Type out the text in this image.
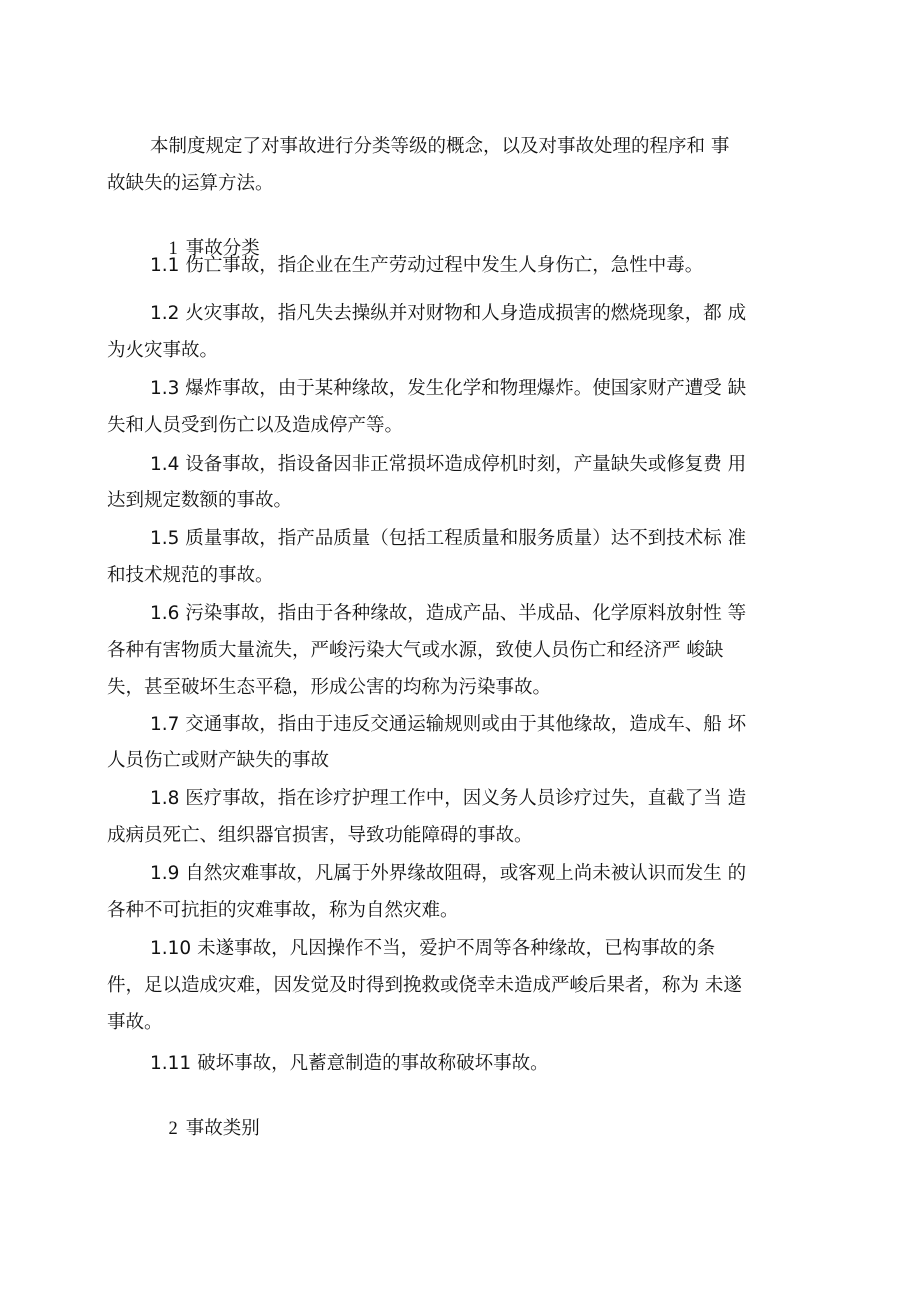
本制度规定了对事故进行分类等级的概念，以及对事故处理的程序和 事
故缺失的运算方法。

1 事故分类

1.1 伤亡事故，指企业在生产劳动过程中发生人身伤亡，急性中毒。
1.2 火灾事故，指凡失去操纵并对财物和人身造成损害的燃烧现象，都 成
为火灾事故。
1.3 爆炸事故，由于某种缘故，发生化学和物理爆炸。使国家财产遭受 缺
失和人员受到伤亡以及造成停产等。
1.4 设备事故，指设备因非正常损坏造成停机时刻，产量缺失或修复费 用
达到规定数额的事故。
1.5 质量事故，指产品质量（包括工程质量和服务质量）达不到技术标 准
和技术规范的事故。
1.6 污染事故，指由于各种缘故，造成产品、半成品、化学原料放射性 等
各种有害物质大量流失，严峻污染大气或水源，致使人员伤亡和经济严 峻缺
失，甚至破坏生态平稳，形成公害的均称为污染事故。
1.7 交通事故，指由于违反交通运输规则或由于其他缘故，造成车、船 坏
人员伤亡或财产缺失的事故
1.8 医疗事故，指在诊疗护理工作中，因义务人员诊疗过失，直截了当 造
成病员死亡、组织器官损害，导致功能障碍的事故。
1.9 自然灾难事故，凡属于外界缘故阻碍，或客观上尚未被认识而发生 的
各种不可抗拒的灾难事故，称为自然灾难。
1.10 未遂事故，凡因操作不当，爱护不周等各种缘故，已构事故的条
件，足以造成灾难，因发觉及时得到挽救或侥幸未造成严峻后果者，称为 未遂
事故。
1.11 破坏事故，凡蓄意制造的事故称破坏事故。

2 事故类别
